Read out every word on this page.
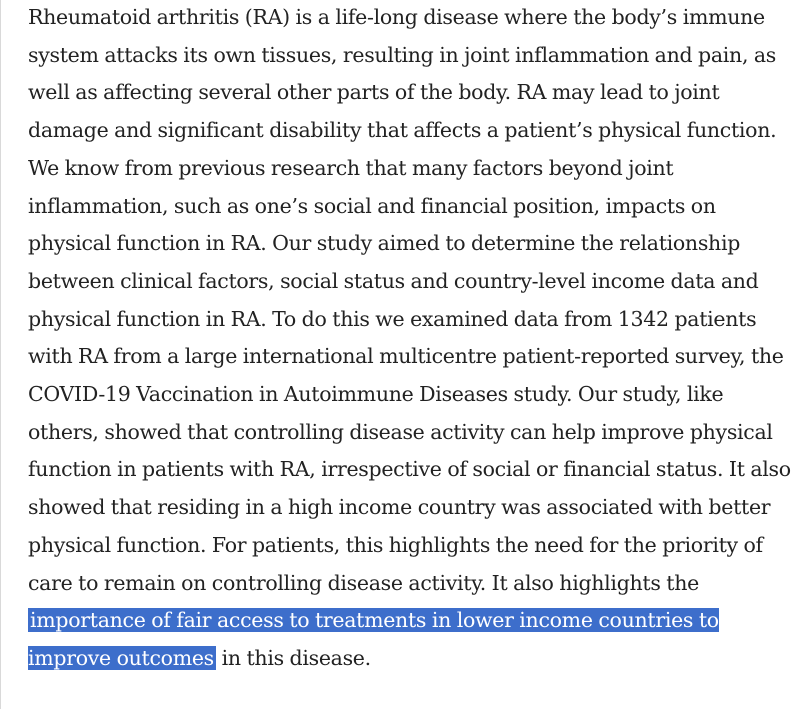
Rheumatoid arthritis (RA) is a life-long disease where the body’s immune system attacks its own tissues, resulting in joint inflammation and pain, as well as affecting several other parts of the body. RA may lead to joint damage and significant disability that affects a patient’s physical function. We know from previous research that many factors beyond joint inflammation, such as one’s social and financial position, impacts on physical function in RA. Our study aimed to determine the relationship between clinical factors, social status and country-level income data and physical function in RA. To do this we examined data from 1342 patients with RA from a large international multicentre patient-reported survey, the COVID-19 Vaccination in Autoimmune Diseases study. Our study, like others, showed that controlling disease activity can help improve physical function in patients with RA, irrespective of social or financial status. It also showed that residing in a high income country was associated with better physical function. For patients, this highlights the need for the priority of care to remain on controlling disease activity. It also highlights the importance of fair access to treatments in lower income countries to improve outcomes in this disease.
